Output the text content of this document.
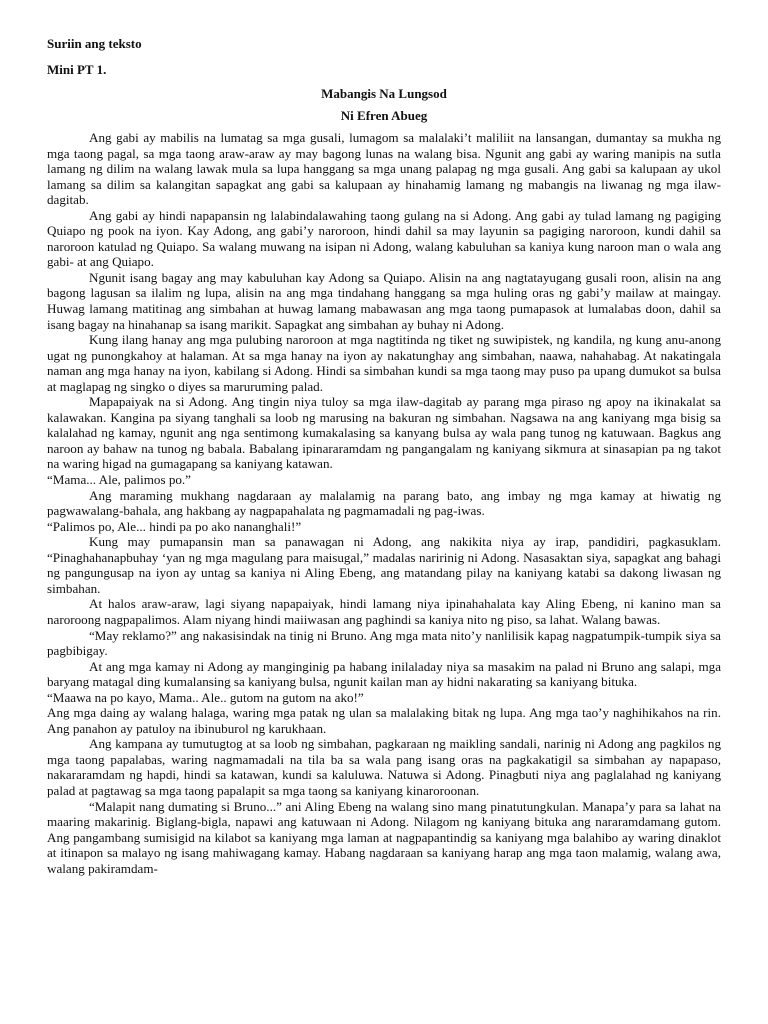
Suriin ang teksto

Mini PT 1.

Mabangis Na Lungsod

Ni Efren Abueg

Ang gabi ay mabilis na lumatag sa mga gusali, lumagom sa malalaki’t maliliit na lansangan, dumantay sa mukha ng mga taong pagal, sa mga taong araw-araw ay may bagong lunas na walang bisa. Ngunit ang gabi ay waring manipis na sutla lamang ng dilim na walang lawak mula sa lupa hanggang sa mga unang palapag ng mga gusali. Ang gabi sa kalupaan ay ukol lamang sa dilim sa kalangitan sapagkat ang gabi sa kalupaan ay hinahamig lamang ng mabangis na liwanag ng mga ilaw-dagitab.

Ang gabi ay hindi napapansin ng lalabindalawahing taong gulang na si Adong. Ang gabi ay tulad lamang ng pagiging Quiapo ng pook na iyon. Kay Adong, ang gabi’y naroroon, hindi dahil sa may layunin sa pagiging naroroon, kundi dahil sa naroroon katulad ng Quiapo. Sa walang muwang na isipan ni Adong, walang kabuluhan sa kaniya kung naroon man o wala ang gabi- at ang Quiapo.

Ngunit isang bagay ang may kabuluhan kay Adong sa Quiapo. Alisin na ang nagtatayugang gusali roon, alisin na ang bagong lagusan sa ilalim ng lupa, alisin na ang mga tindahang hanggang sa mga huling oras ng gabi’y mailaw at maingay. Huwag lamang matitinag ang simbahan at huwag lamang mabawasan ang mga taong pumapasok at lumalabas doon, dahil sa isang bagay na hinahanap sa isang marikit. Sapagkat ang simbahan ay buhay ni Adong.

Kung ilang hanay ang mga pulubing naroroon at mga nagtitinda ng tiket ng suwipistek, ng kandila, ng kung anu-anong ugat ng punongkahoy at halaman. At sa mga hanay na iyon ay nakatunghay ang simbahan, naawa, nahahabag. At nakatingala naman ang mga hanay na iyon, kabilang si Adong. Hindi sa simbahan kundi sa mga taong may puso pa upang dumukot sa bulsa at maglapag ng singko o diyes sa maruruming palad.

Mapapaiyak na si Adong. Ang tingin niya tuloy sa mga ilaw-dagitab ay parang mga piraso ng apoy na ikinakalat sa kalawakan. Kangina pa siyang tanghali sa loob ng marusing na bakuran ng simbahan. Nagsawa na ang kaniyang mga bisig sa kalalahad ng kamay, ngunit ang nga sentimong kumakalasing sa kanyang bulsa ay wala pang tunog ng katuwaan. Bagkus ang naroon ay bahaw na tunog ng babala. Babalang ipinararamdam ng pangangalam ng kaniyang sikmura at sinasapian pa ng takot na waring higad na gumagapang sa kaniyang katawan.

“Mama... Ale, palimos po.”

Ang maraming mukhang nagdaraan ay malalamig na parang bato, ang imbay ng mga kamay at hiwatig ng pagwawalang-bahala, ang hakbang ay nagpapahalata ng pagmamadali ng pag-iwas.

“Palimos po, Ale... hindi pa po ako nananghali!”

Kung may pumapansin man sa panawagan ni Adong, ang nakikita niya ay irap, pandidiri, pagkasuklam. “Pinaghahanapbuhay ‘yan ng mga magulang para maisugal,” madalas naririnig ni Adong. Nasasaktan siya, sapagkat ang bahagi ng pangungusap na iyon ay untag sa kaniya ni Aling Ebeng, ang matandang pilay na kaniyang katabi sa dakong liwasan ng simbahan.

At halos araw-araw, lagi siyang napapaiyak, hindi lamang niya ipinahahalata kay Aling Ebeng, ni kanino man sa naroroong nagpapalimos. Alam niyang hindi maiiwasan ang paghindi sa kaniya nito ng piso, sa lahat. Walang bawas.

“May reklamo?” ang nakasisindak na tinig ni Bruno. Ang mga mata nito’y nanlilisik kapag nagpatumpik-tumpik siya sa pagbibigay.

At ang mga kamay ni Adong ay manginginig pa habang inilaladay niya sa masakim na palad ni Bruno ang salapi, mga baryang matagal ding kumalansing sa kaniyang bulsa, ngunit kailan man ay hidni nakarating sa kaniyang bituka.

“Maawa na po kayo, Mama.. Ale.. gutom na gutom na ako!”

Ang mga daing ay walang halaga, waring mga patak ng ulan sa malalaking bitak ng lupa. Ang mga tao’y naghihikahos na rin. Ang panahon ay patuloy na ibinuburol ng karukhaan.

Ang kampana ay tumutugtog at sa loob ng simbahan, pagkaraan ng maikling sandali, narinig ni Adong ang pagkilos ng mga taong papalabas, waring nagmamadali na tila ba sa wala pang isang oras na pagkakatigil sa simbahan ay napapaso, nakararamdam ng hapdi, hindi sa katawan, kundi sa kaluluwa. Natuwa si Adong. Pinagbuti niya ang paglalahad ng kaniyang palad at pagtawag sa mga taong papalapit sa mga taong sa kaniyang kinaroroonan.

“Malapit nang dumating si Bruno...” ani Aling Ebeng na walang sino mang pinatutungkulan. Manapa’y para sa lahat na maaring makarinig. Biglang-bigla, napawi ang katuwaan ni Adong. Nilagom ng kaniyang bituka ang nararamdamang gutom. Ang pangambang sumisigid na kilabot sa kaniyang mga laman at nagpapantindig sa kaniyang mga balahibo ay waring dinaklot at itinapon sa malayo ng isang mahiwagang kamay. Habang nagdaraan sa kaniyang harap ang mga taon malamig, walang awa, walang pakiramdam-
